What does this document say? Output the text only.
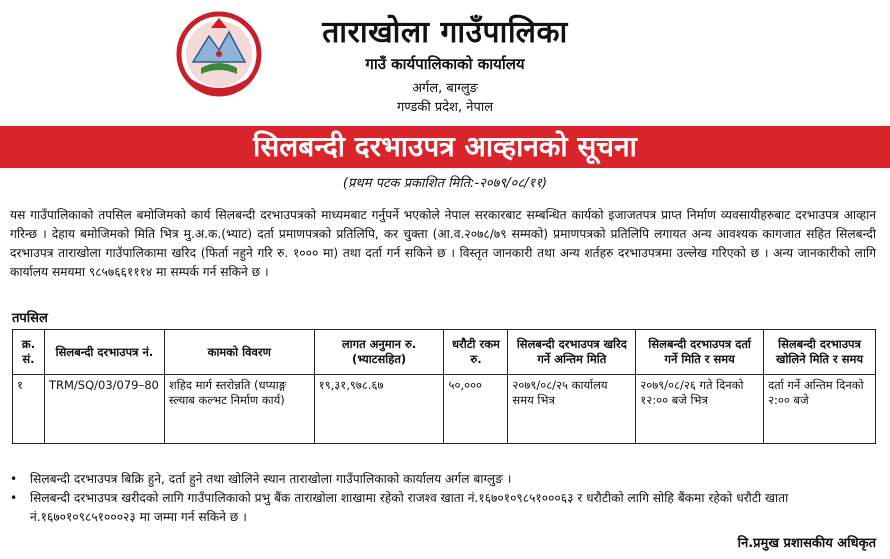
ताराखोला गाउँपालिका
गाउँ कार्यपालिकाको कार्यालय
अर्गल, बाग्लुङ
गण्डकी प्रदेश, नेपाल
सिलबन्दी दरभाउपत्र आव्हानको सूचना
(प्रथम पटक प्रकाशित मिति:-२०७९/०८/११)
यस गाउँपालिकाको तपसिल बमोजिमको कार्य सिलबन्दी दरभाउपत्रको माध्यमबाट गर्नुपर्ने भएकोले नेपाल सरकारबाट सम्बन्धित कार्यको इजाजतपत्र प्राप्त निर्माण व्यवसायीहरुबाट दरभाउपत्र आव्हान गरिन्छ । देहाय बमोजिमको मिति भित्र मु.अ.क.(भ्याट) दर्ता प्रमाणपत्रको प्रतिलिपि, कर चुक्ता (आ.व.२०७८/७९ सम्मको) प्रमाणपत्रको प्रतिलिपि लगायत अन्य आवश्यक कागजात सहित सिलबन्दी दरभाउपत्र ताराखोला गाउँपालिकामा खरिद (फिर्ता नहुने गरि रु. १००० मा) तथा दर्ता गर्न सकिने छ । विस्तृत जानकारी तथा अन्य शर्तहरु दरभाउपत्रमा उल्लेख गरिएको छ । अन्य जानकारीको लागि कार्यालय समयमा ९८५७६६१११४ मा सम्पर्क गर्न सकिने छ ।
तपसिल
क्र. सं.	सिलबन्दी दरभाउपत्र नं.	कामको विवरण	लागत अनुमान रु. (भ्याटसहित)	धरौटी रकम रु.	सिलबन्दी दरभाउपत्र खरिद गर्ने अन्तिम मिति	सिलबन्दी दरभाउपत्र दर्ता गर्ने मिति र समय	सिलबन्दी दरभाउपत्र खोलिने मिति र समय
१	TRM/SQ/03/079–80	शहिद मार्ग स्तरोन्नति (धप्याङ्ग स्ल्याब कल्भट निर्माण कार्य)	१९,३१,९७८.६७	५०,०००	२०७९/०८/२५ कार्यालय समय भित्र	२०७९/०८/२६ गते दिनको १२:०० बजे भित्र	दर्ता गर्ने अन्तिम दिनको २:०० बजे
•	सिलबन्दी दरभाउपत्र बिक्रि हुने, दर्ता हुने तथा खोलिने स्थान ताराखोला गाउँपालिकाको कार्यालय अर्गल बाग्लुङ ।
•	सिलबन्दी दरभाउपत्र खरीदको लागि गाउँपालिकाको प्रभु बैंक ताराखोला शाखामा रहेको राजश्व खाता नं.१६७०१०९८५१०००६३ र धरौटीको लागि सोहि बैंकमा रहेको धरौटी खाता नं.१६७०१०९८५१०००२३ मा जम्मा गर्न सकिने छ ।
नि.प्रमुख प्रशासकीय अधिकृत
